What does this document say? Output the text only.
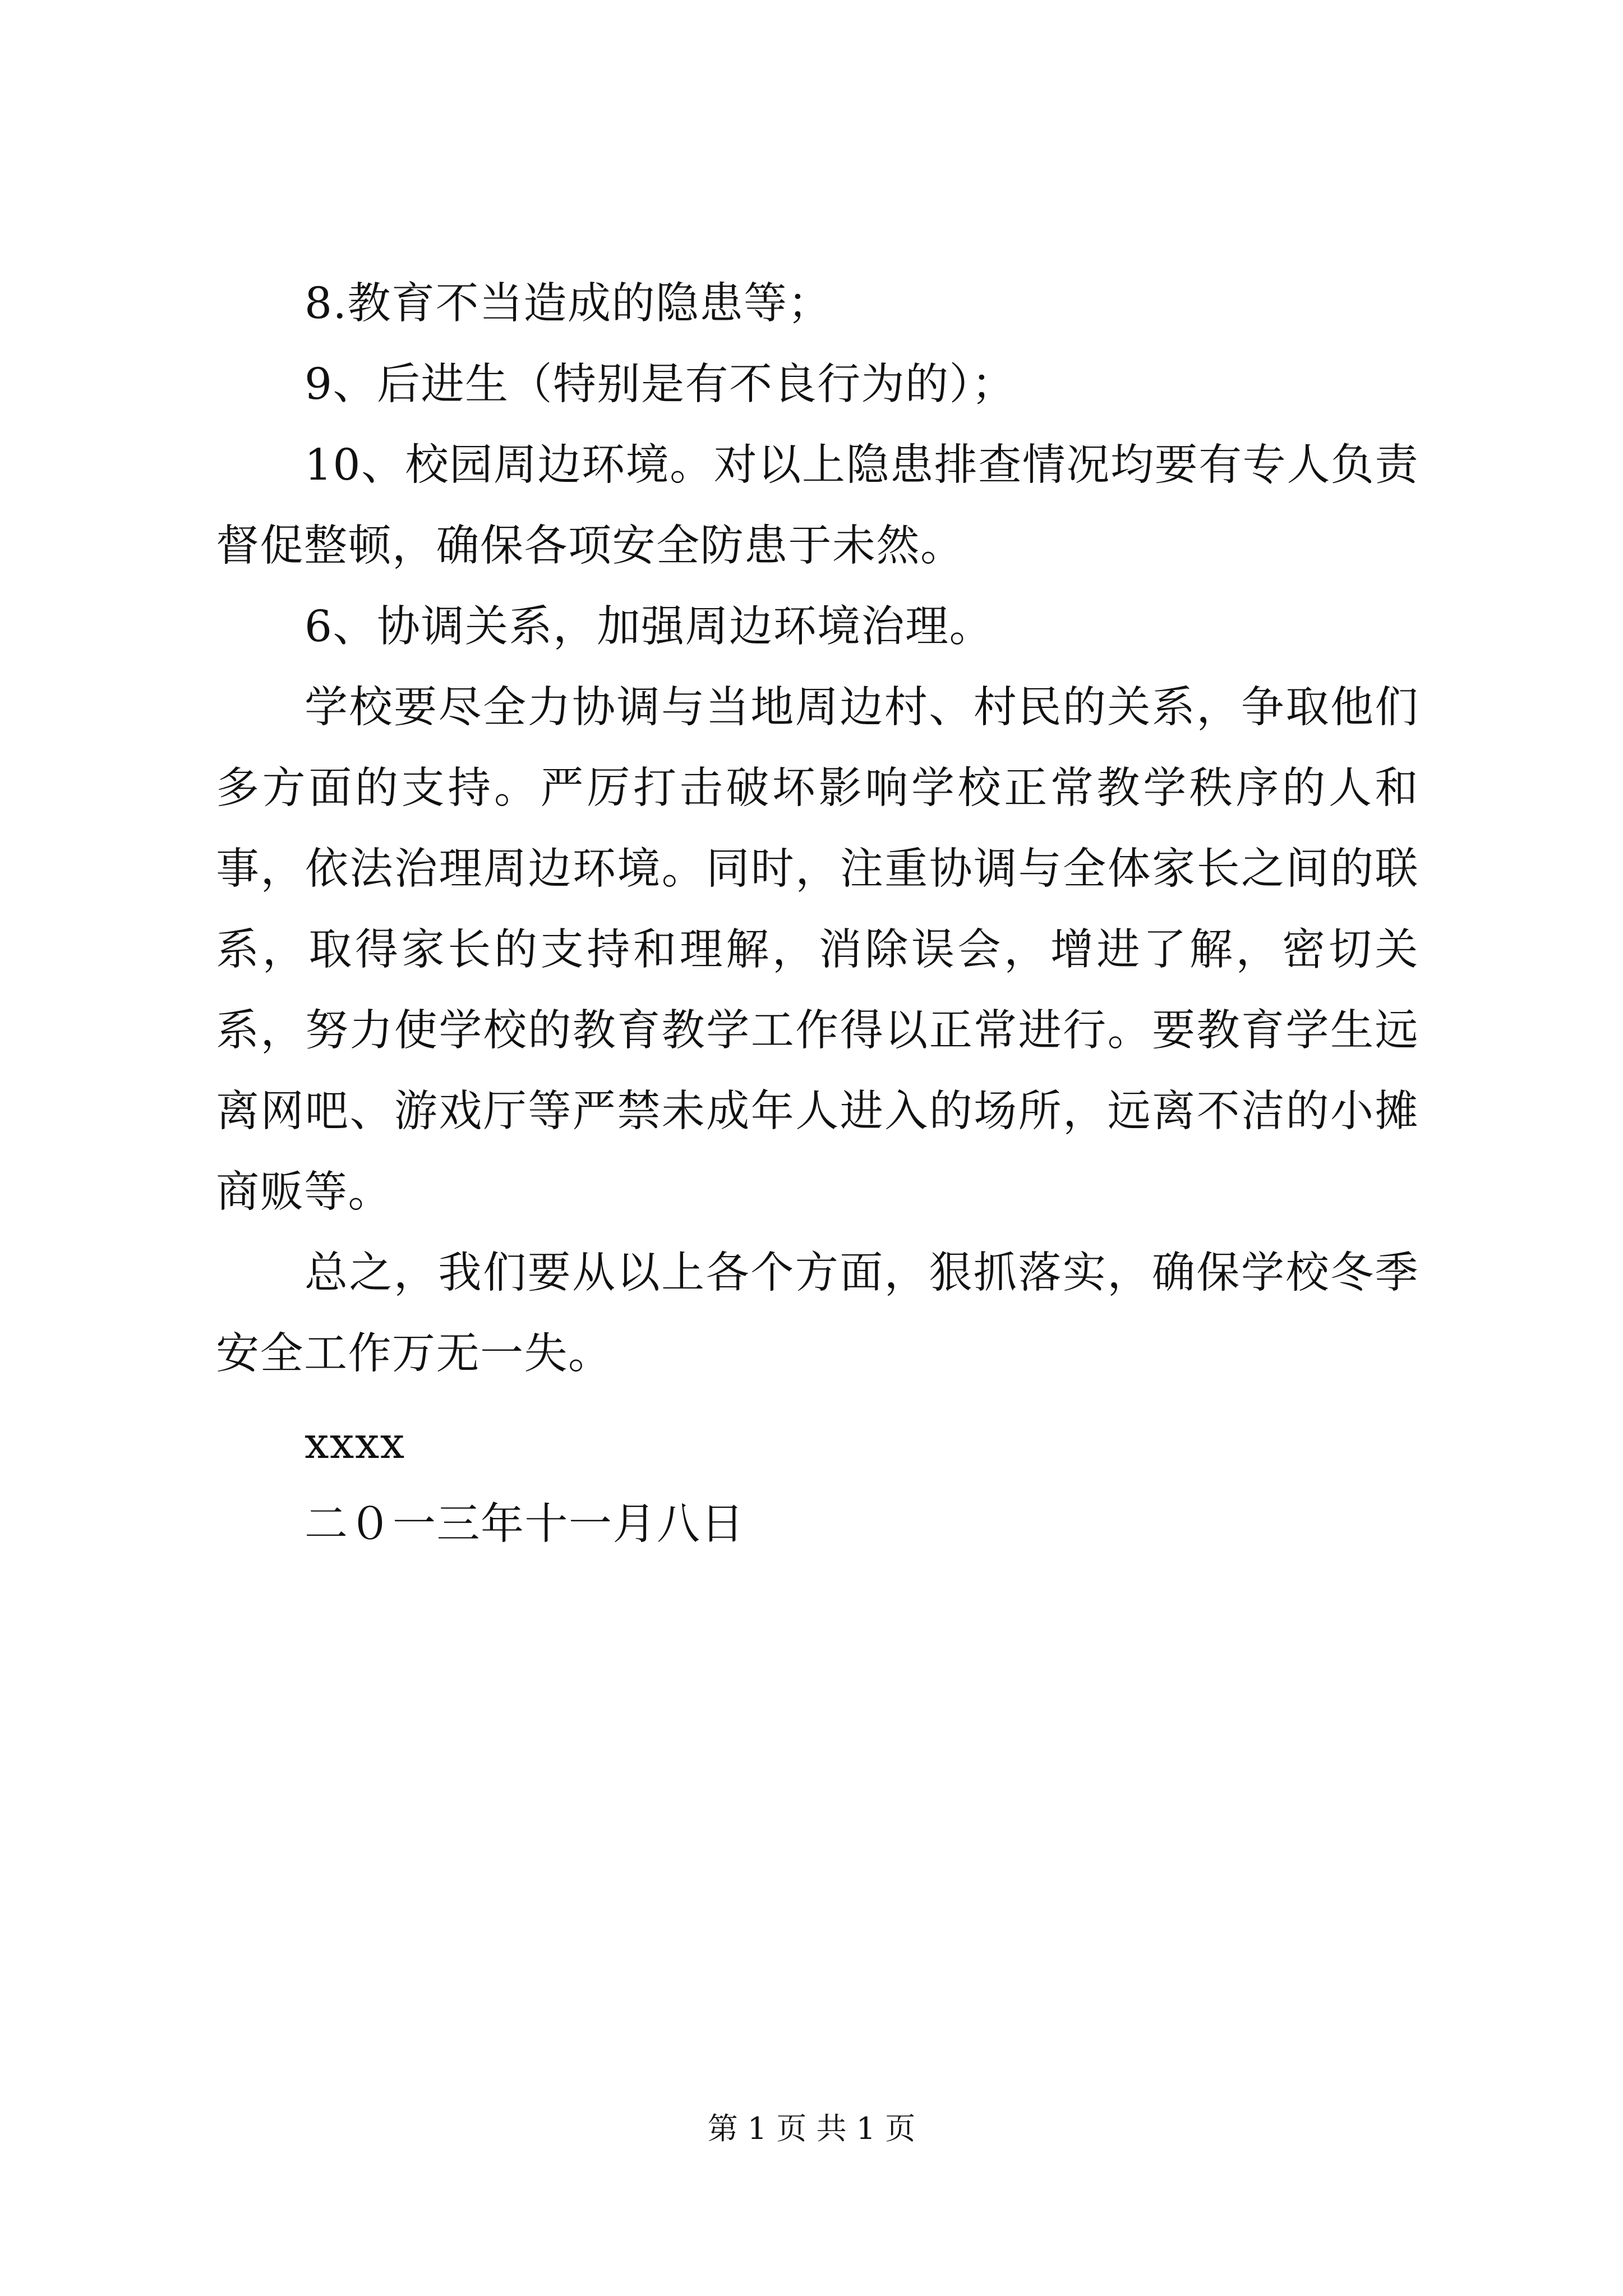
8.教育不当造成的隐患等；

9、后进生（特别是有不良行为的）；

10、校园周边环境。对以上隐患排查情况均要有专人负责督促整顿，确保各项安全防患于未然。

6、协调关系，加强周边环境治理。

学校要尽全力协调与当地周边村、村民的关系，争取他们多方面的支持。严厉打击破坏影响学校正常教学秩序的人和事，依法治理周边环境。同时，注重协调与全体家长之间的联系，取得家长的支持和理解，消除误会，增进了解，密切关系，努力使学校的教育教学工作得以正常进行。要教育学生远离网吧、游戏厅等严禁未成年人进入的场所，远离不洁的小摊商贩等。

总之，我们要从以上各个方面，狠抓落实，确保学校冬季安全工作万无一失。

xxxx

二０一三年十一月八日

第 1 页 共 1 页
